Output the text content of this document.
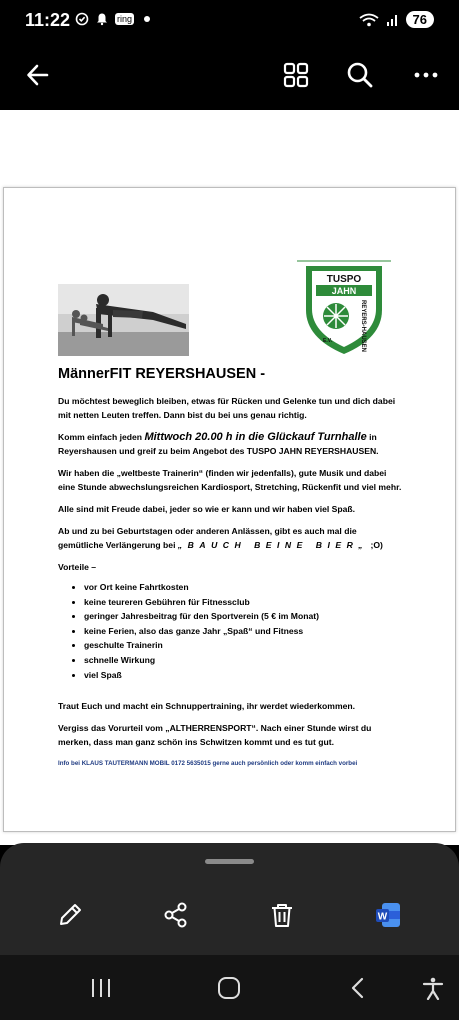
11:22	ring	76
TUSPO
JAHN
E.V.	REYERS-HAUSEN
MännerFIT REYERSHAUSEN -

Du möchtest beweglich bleiben, etwas für Rücken und Gelenke tun und dich dabei mit netten Leuten treffen. Dann bist du bei uns genau richtig.

Komm einfach jeden Mittwoch 20.00 h in die Glückauf Turnhalle in Reyershausen und greif zu beim Angebot des TUSPO JAHN REYERSHAUSEN.

Wir haben die „weltbeste Trainerin“ (finden wir jedenfalls), gute Musik und dabei eine Stunde abwechslungsreichen Kardiosport, Stretching, Rückenfit und viel mehr.

Alle sind mit Freude dabei, jeder so wie er kann und wir haben viel Spaß.

Ab und zu bei Geburtstagen oder anderen Anlässen, gibt es auch mal die gemütliche Verlängerung bei „BAUCH BEINE BIER„ ;O)

Vorteile –
• vor Ort keine Fahrtkosten
• keine teureren Gebühren für Fitnessclub
• geringer Jahresbeitrag für den Sportverein (5 € im Monat)
• keine Ferien, also das ganze Jahr „Spaß“ und Fitness
• geschulte Trainerin
• schnelle Wirkung
• viel Spaß

Traut Euch und macht ein Schnuppertraining, ihr werdet wiederkommen.

Vergiss das Vorurteil vom „ALTHERRENSPORT“. Nach einer Stunde wirst du merken, dass man ganz schön ins Schwitzen kommt und es tut gut.

Info bei KLAUS TAUTERMANN MOBIL 0172 5635015 gerne auch persönlich oder komm einfach vorbei

W
